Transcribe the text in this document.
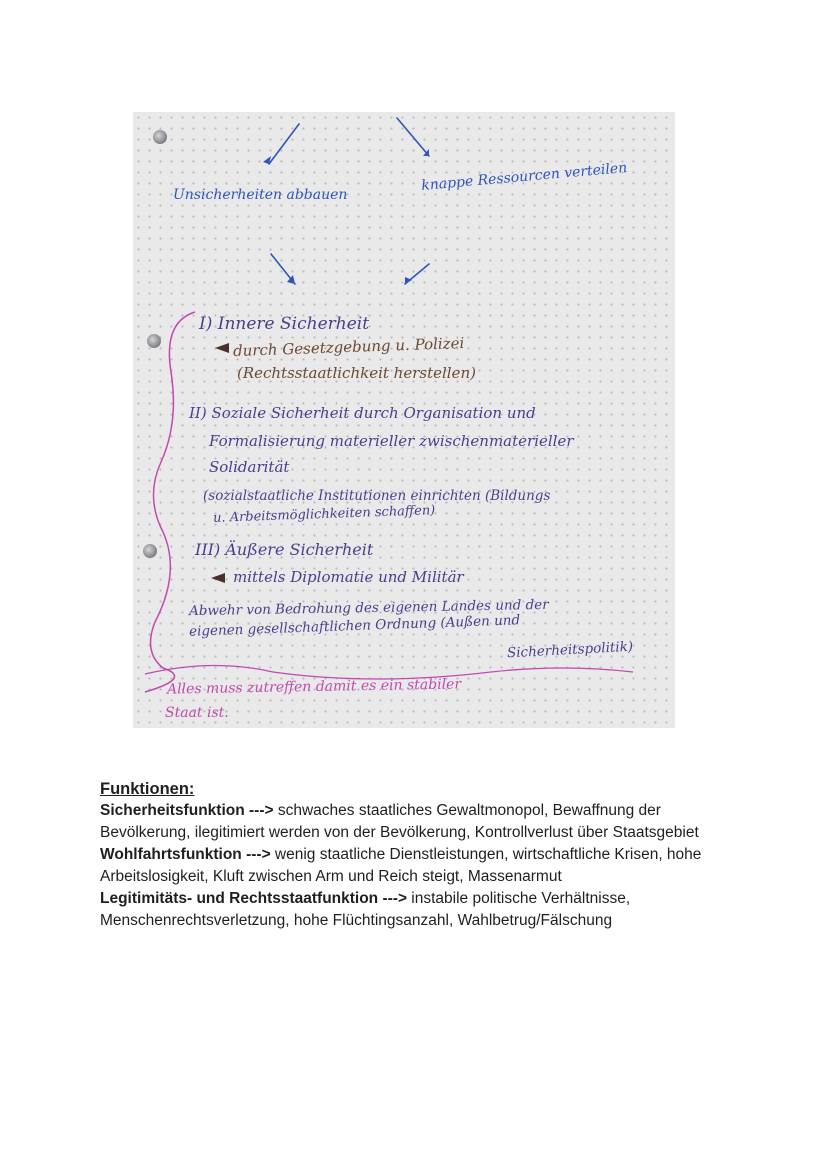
Unsicherheiten abbauen
knappe Ressourcen verteilen
I) Innere Sicherheit
durch Gesetzgebung u. Polizei
(Rechtsstaatlichkeit herstellen)
II) Soziale Sicherheit durch Organisation und
Formalisierung materieller zwischenmaterieller
Solidarität
(sozialstaatliche Institutionen einrichten (Bildungs
u. Arbeitsmöglichkeiten schaffen)
III) Äußere Sicherheit
mittels Diplomatie und Militär
Abwehr von Bedrohung des eigenen Landes und der
eigenen gesellschaftlichen Ordnung (Außen und
Sicherheitspolitik)
Alles muss zutreffen damit es ein stabiler
Staat ist.

Funktionen:

Sicherheitsfunktion ---> schwaches staatliches Gewaltmonopol, Bewaffnung der Bevölkerung, ilegitimiert werden von der Bevölkerung, Kontrollverlust über Staatsgebiet

Wohlfahrtsfunktion ---> wenig staatliche Dienstleistungen, wirtschaftliche Krisen, hohe Arbeitslosigkeit, Kluft zwischen Arm und Reich steigt, Massenarmut

Legitimitäts- und Rechtsstaatfunktion ---> instabile politische Verhältnisse, Menschenrechtsverletzung, hohe Flüchtingsanzahl, Wahlbetrug/Fälschung
